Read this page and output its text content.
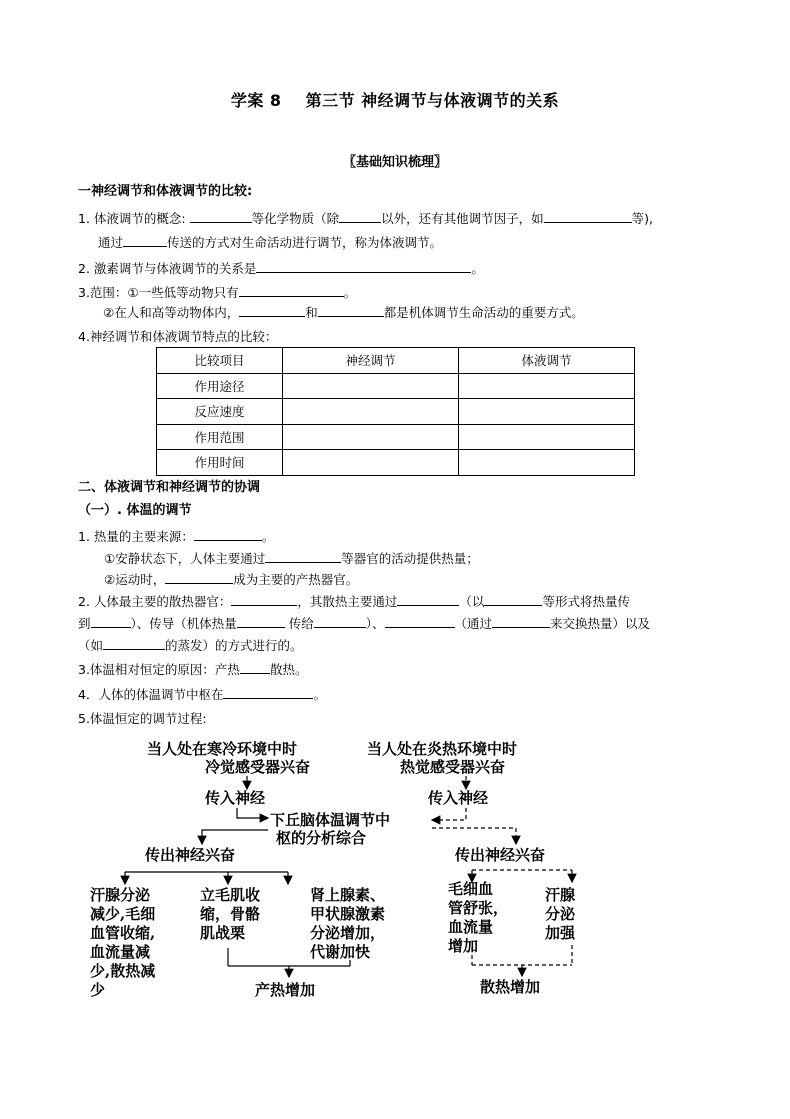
学案 8 第三节 神经调节与体液调节的关系
〖基础知识梳理〗
一神经调节和体液调节的比较:
1. 体液调节的概念:	等化学物质（除	以外，还有其他调节因子，如	等),
通过	传送的方式对生命活动进行调节，称为体液调节。
2. 激素调节与体液调节的关系是	。
3.范围：①一些低等动物只有	。
②在人和高等动物体内，	和	都是机体调节生命活动的重要方式。
4.神经调节和体液调节特点的比较：
比较项目	神经调节	体液调节
作用途径		
反应速度		
作用范围		
作用时间		
二、体液调节和神经调节的协调
（一）. 体温的调节
1. 热量的主要来源：	。
①安静状态下，人体主要通过	等器官的活动提供热量；
②运动时，	成为主要的产热器官。
2. 人体最主要的散热器官：	，其散热主要通过	（以	等形式将热量传
到	）、传导（机体热量	传给	）、	（通过	来交换热量）以及
（如	的蒸发）的方式进行的。
3.体温相对恒定的原因：产热 散热。
4．人体的体温调节中枢在	。
5.体温恒定的调节过程:
当人处在寒冷环境中时
冷觉感受器兴奋
当人处在炎热环境中时
热觉感受器兴奋
传入神经	传入神经
下丘脑体温调节中
枢的分析综合
传出神经兴奋	传出神经兴奋
汗腺分泌
减少,毛细
血管收缩,
血流量减
少,散热减
少
立毛肌收
缩，骨骼
肌战栗
肾上腺素、
甲状腺激素
分泌增加，
代谢加快
毛细血
管舒张，
血流量
增加
汗腺
分泌
加强
产热增加	散热增加
